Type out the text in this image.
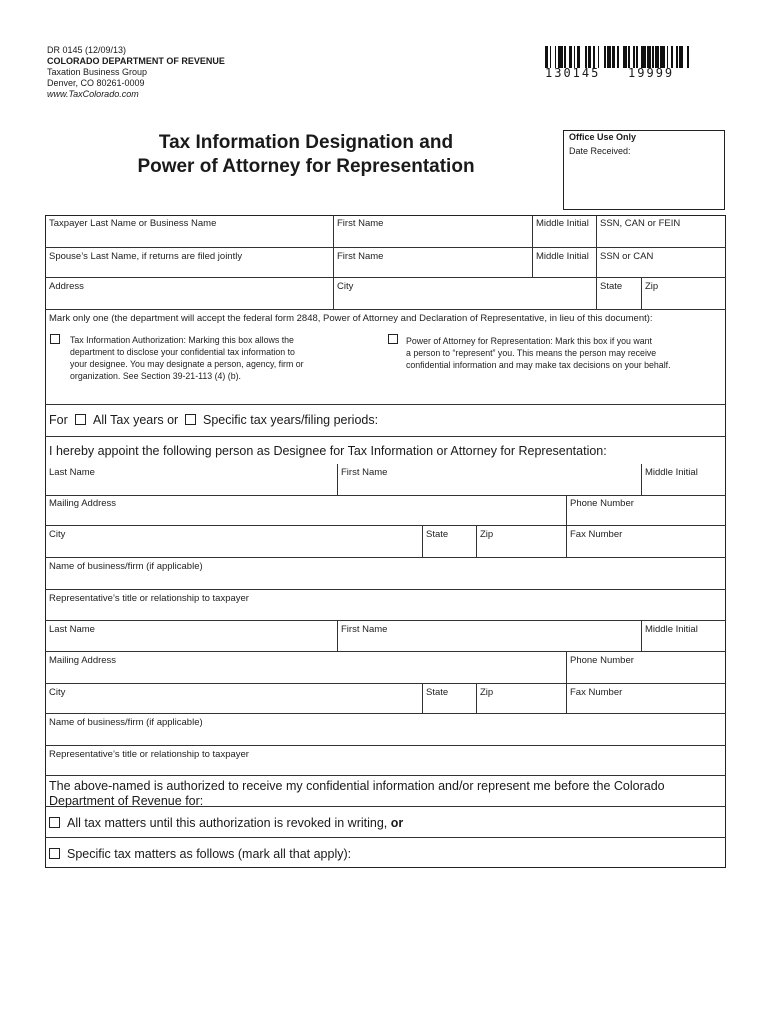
DR 0145 (12/09/13)
COLORADO DEPARTMENT OF REVENUE
Taxation Business Group
Denver, CO 80261-0009
www.TaxColorado.com
130145   19999
Tax Information Designation and
Power of Attorney for Representation
Office Use Only
Date Received:
Taxpayer Last Name or Business Name	First Name	Middle Initial SSN, CAN or FEIN
Spouse’s Last Name, if returns are filed jointly	First Name	Middle Initial SSN or CAN
Address	City	State Zip
Mark only one (the department will accept the federal form 2848, Power of Attorney and Declaration of Representative, in lieu of this document):
Tax Information Authorization: Marking this box allows the
department to disclose your confidential tax information to
your designee. You may designate a person, agency, firm or
organization. See Section 39-21-113 (4) (b).
Power of Attorney for Representation: Mark this box if you want
a person to “represent” you. This means the person may receive
confidential information and may make tax decisions on your behalf.
For All Tax years or Specific tax years/filing periods:
I hereby appoint the following person as Designee for Tax Information or Attorney for Representation:
Last Name	First Name	Middle Initial
Mailing Address	Phone Number
City	State	Zip	Fax Number
Name of business/firm (if applicable)
Representative’s title or relationship to taxpayer
Last Name	First Name	Middle Initial
Mailing Address	Phone Number
City	State	Zip	Fax Number
Name of business/firm (if applicable)
Representative’s title or relationship to taxpayer
The above-named is authorized to receive my confidential information and/or represent me before the Colorado
Department of Revenue for:
All tax matters until this authorization is revoked in writing, or
Specific tax matters as follows (mark all that apply):
